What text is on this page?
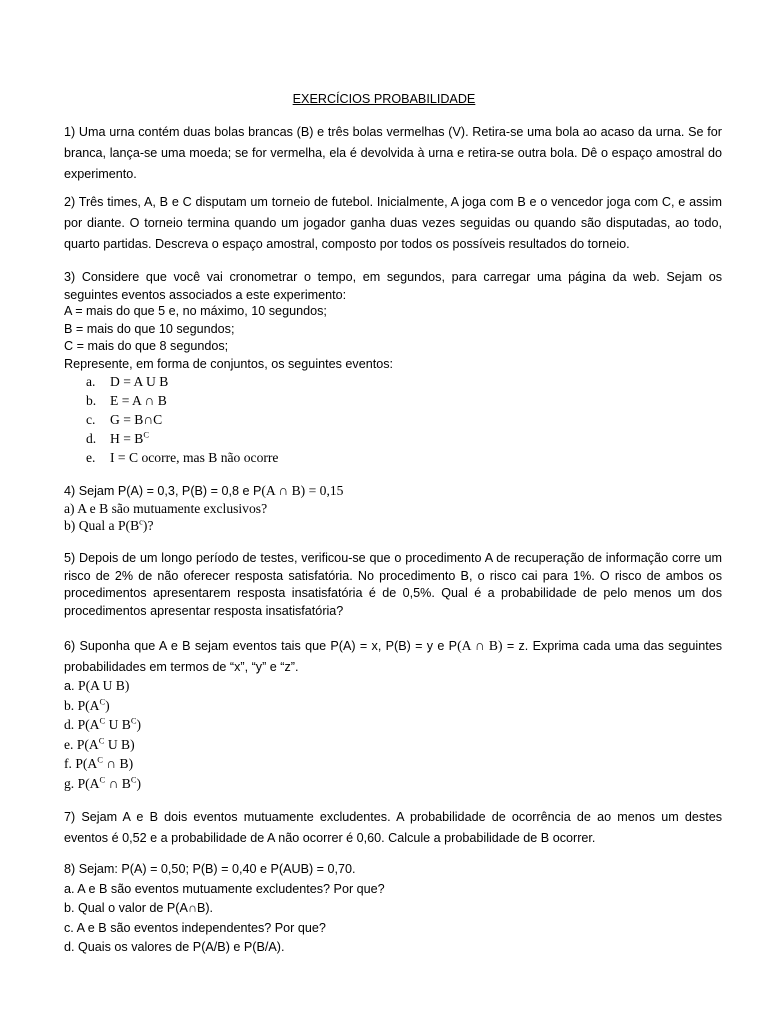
EXERCÍCIOS PROBABILIDADE
1) Uma urna contém duas bolas brancas (B) e três bolas vermelhas (V). Retira-se uma bola ao acaso da urna. Se for branca, lança-se uma moeda; se for vermelha, ela é devolvida à urna e retira-se outra bola. Dê o espaço amostral do experimento.
2) Três times, A, B e C disputam um torneio de futebol. Inicialmente, A joga com B e o vencedor joga com C, e assim por diante. O torneio termina quando um jogador ganha duas vezes seguidas ou quando são disputadas, ao todo, quarto partidas. Descreva o espaço amostral, composto por todos os possíveis resultados do torneio.
3) Considere que você vai cronometrar o tempo, em segundos, para carregar uma página da web. Sejam os seguintes eventos associados a este experimento:
A = mais do que 5 e, no máximo, 10 segundos;
B = mais do que 10 segundos;
C = mais do que 8 segundos;
Represente, em forma de conjuntos, os seguintes eventos:
a. D = A U B
b. E = A ∩ B
c. G = B∩C
d. $H = B^C$
e. I = C ocorre, mas B não ocorre
4) Sejam P(A) = 0,3, P(B) = 0,8 e P(A ∩ B) = 0,15
a) A e B são mutuamente exclusivos?
b) Qual a $P(B^c)$?
5) Depois de um longo período de testes, verificou-se que o procedimento A de recuperação de informação corre um risco de 2% de não oferecer resposta satisfatória. No procedimento B, o risco cai para 1%. O risco de ambos os procedimentos apresentarem resposta insatisfatória é de 0,5%. Qual é a probabilidade de pelo menos um dos procedimentos apresentar resposta insatisfatória?
6) Suponha que A e B sejam eventos tais que P(A) = x, P(B) = y e P(A ∩ B) = z. Exprima cada uma das seguintes probabilidades em termos de “x”, “y” e “z”.
a. P(A U B)
b. $P(A^C)$
d. $P(A^C$ U $B^C$)
e. $P(A^C$ U B)
f. $P(A^C$ ∩ B)
g. $P(A^C$ ∩ $B^C$)
7) Sejam A e B dois eventos mutuamente excludentes. A probabilidade de ocorrência de ao menos um destes eventos é 0,52 e a probabilidade de A não ocorrer é 0,60. Calcule a probabilidade de B ocorrer.
8) Sejam: P(A) = 0,50; P(B) = 0,40 e P(AUB) = 0,70.
a. A e B são eventos mutuamente excludentes? Por que?
b. Qual o valor de P(A∩B).
c. A e B são eventos independentes? Por que?
d. Quais os valores de P(A/B) e P(B/A).
